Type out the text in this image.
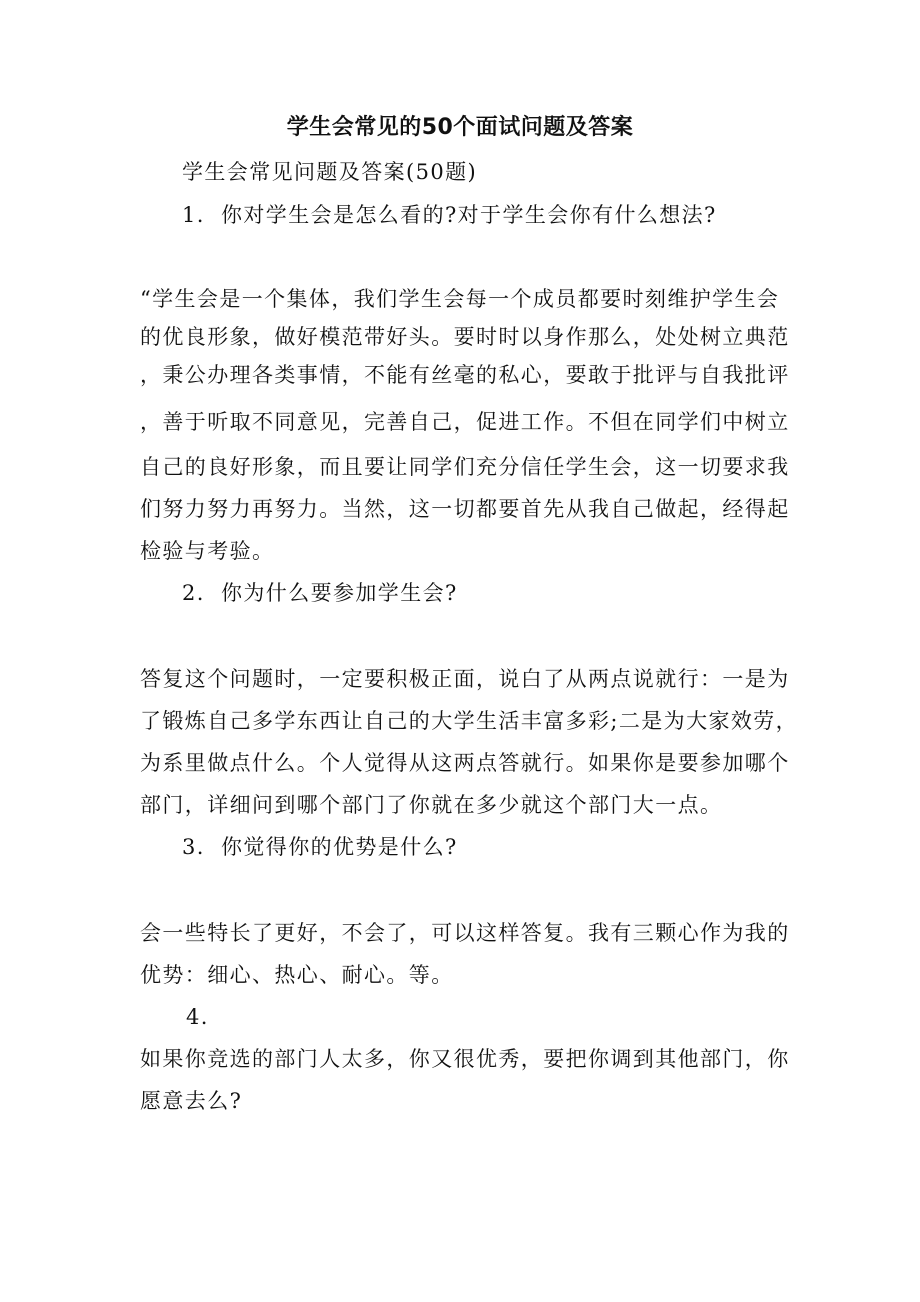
学生会常见的50个面试问题及答案
学生会常见问题及答案(50题)
1. 你对学生会是怎么看的?对于学生会你有什么想法?
“学生会是一个集体，我们学生会每一个成员都要时刻维护学生会
的优良形象，做好模范带好头。要时时以身作那么，处处树立典范
，秉公办理各类事情，不能有丝毫的私心，要敢于批评与自我批评
，善于听取不同意见，完善自己，促进工作。不但在同学们中树立
自己的良好形象，而且要让同学们充分信任学生会，这一切要求我
们努力努力再努力。当然，这一切都要首先从我自己做起，经得起
检验与考验。
2. 你为什么要参加学生会?
答复这个问题时，一定要积极正面，说白了从两点说就行：一是为
了锻炼自己多学东西让自己的大学生活丰富多彩;二是为大家效劳，
为系里做点什么。个人觉得从这两点答就行。如果你是要参加哪个
部门，详细问到哪个部门了你就在多少就这个部门大一点。
3. 你觉得你的优势是什么?
会一些特长了更好，不会了，可以这样答复。我有三颗心作为我的
优势：细心、热心、耐心。等。
4.
如果你竞选的部门人太多，你又很优秀，要把你调到其他部门，你
愿意去么?
